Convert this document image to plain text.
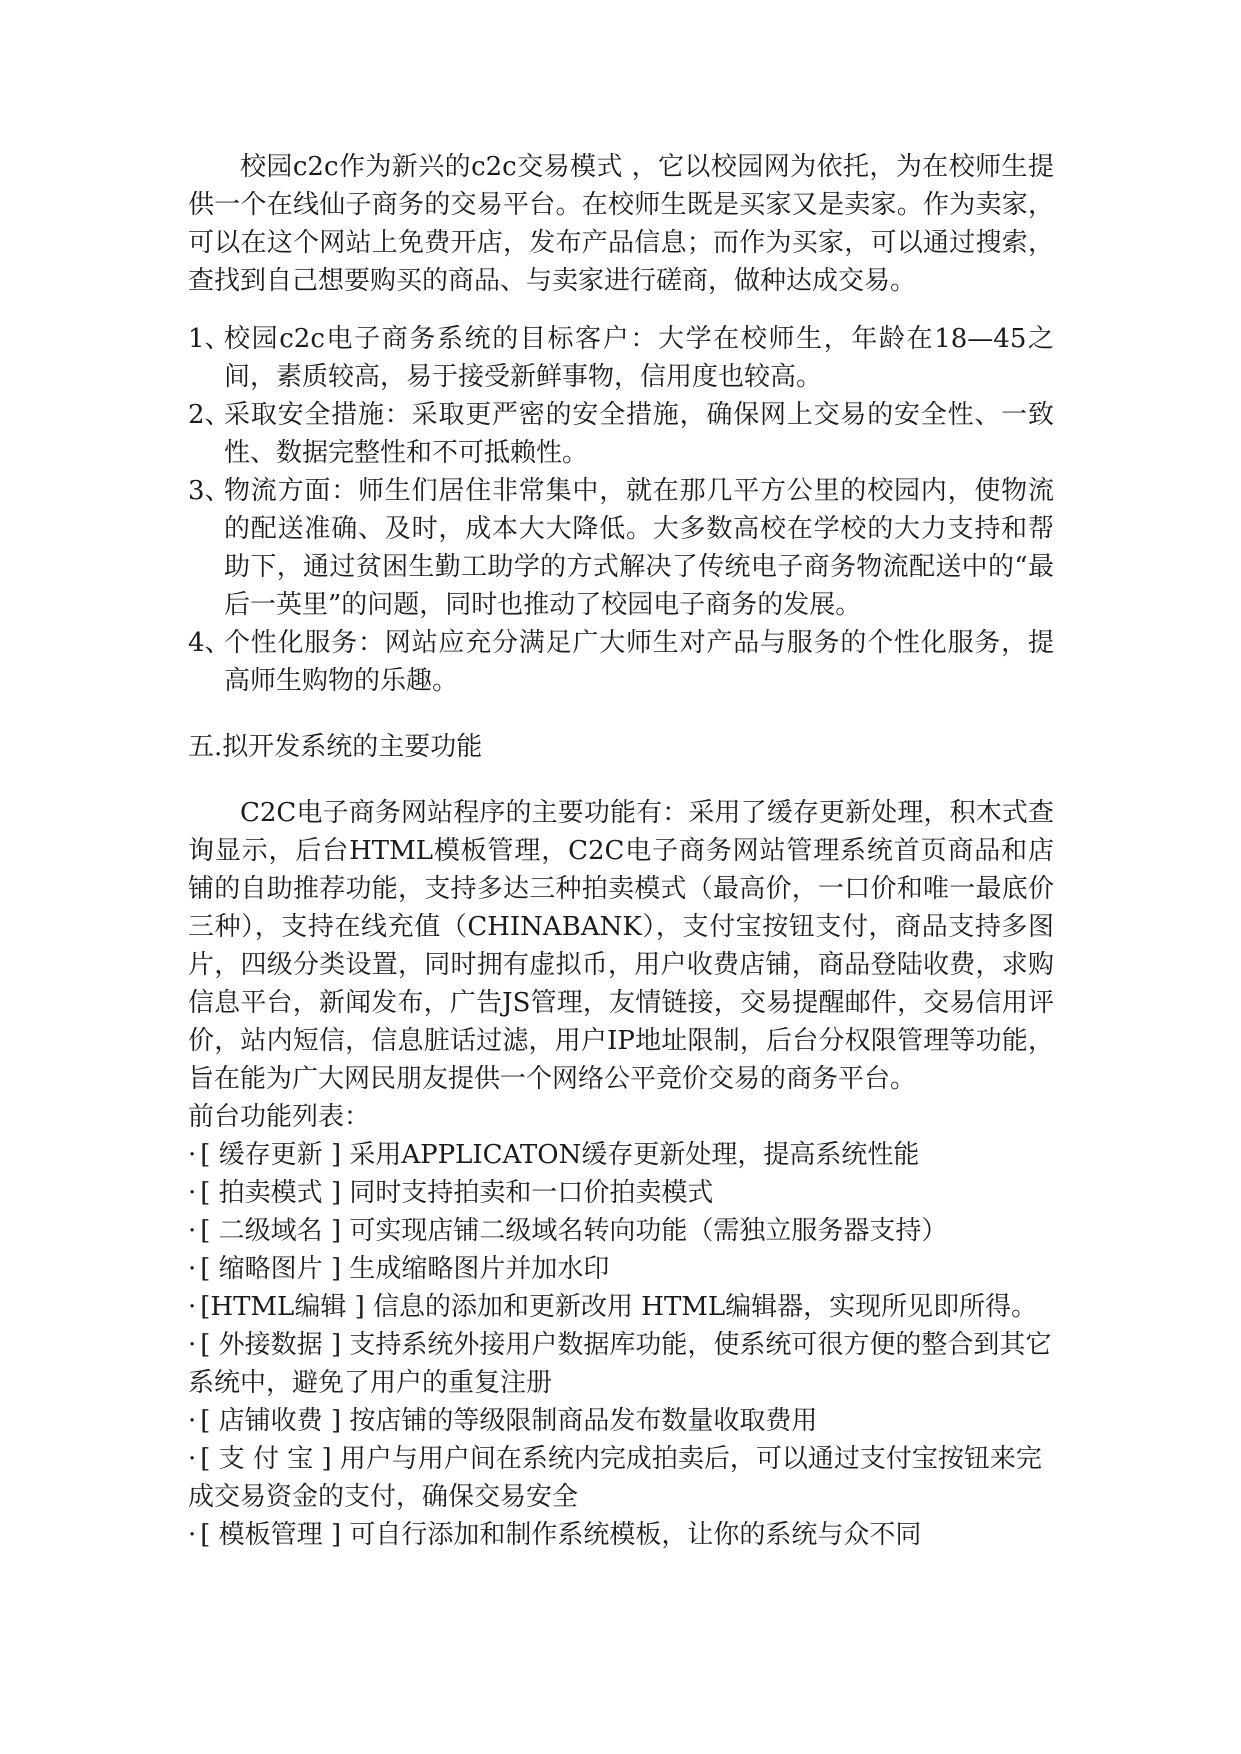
校园c2c作为新兴的c2c交易模式 ，它以校园网为依托，为在校师生提供一个在线仙子商务的交易平台。在校师生既是买家又是卖家。作为卖家，可以在这个网站上免费开店，发布产品信息；而作为买家，可以通过搜索，查找到自己想要购买的商品、与卖家进行磋商，做种达成交易。

1、
校园c2c电子商务系统的目标客户：大学在校师生，年龄在18—45之间，素质较高，易于接受新鲜事物，信用度也较高。
2、
采取安全措施：采取更严密的安全措施，确保网上交易的安全性、一致性、数据完整性和不可抵赖性。
3、
物流方面：师生们居住非常集中，就在那几平方公里的校园内，使物流的配送准确、及时，成本大大降低。大多数高校在学校的大力支持和帮助下，通过贫困生勤工助学的方式解决了传统电子商务物流配送中的“最后一英里”的问题，同时也推动了校园电子商务的发展。
4、
个性化服务：网站应充分满足广大师生对产品与服务的个性化服务，提高师生购物的乐趣。

五.拟开发系统的主要功能

C2C电子商务网站程序的主要功能有：采用了缓存更新处理，积木式查询显示，后台HTML模板管理，C2C电子商务网站管理系统首页商品和店铺的自助推荐功能，支持多达三种拍卖模式（最高价，一口价和唯一最底价三种），支持在线充值（CHINABANK），支付宝按钮支付，商品支持多图片，四级分类设置，同时拥有虚拟币，用户收费店铺，商品登陆收费，求购信息平台，新闻发布，广告JS管理，友情链接，交易提醒邮件，交易信用评价，站内短信，信息脏话过滤，用户IP地址限制，后台分权限管理等功能，旨在能为广大网民朋友提供一个网络公平竞价交易的商务平台。

前台功能列表：

· [ 缓存更新 ] 采用APPLICATON缓存更新处理，提高系统性能
· [ 拍卖模式 ] 同时支持拍卖和一口价拍卖模式
· [ 二级域名 ] 可实现店铺二级域名转向功能（需独立服务器支持）
· [ 缩略图片 ] 生成缩略图片并加水印
· [HTML编辑 ] 信息的添加和更新改用 HTML编辑器，实现所见即所得。
· [ 外接数据 ] 支持系统外接用户数据库功能，使系统可很方便的整合到其它系统中，避免了用户的重复注册
· [ 店铺收费 ] 按店铺的等级限制商品发布数量收取费用
· [ 支 付 宝 ] 用户与用户间在系统内完成拍卖后，可以通过支付宝按钮来完成交易资金的支付，确保交易安全
· [ 模板管理 ] 可自行添加和制作系统模板，让你的系统与众不同
